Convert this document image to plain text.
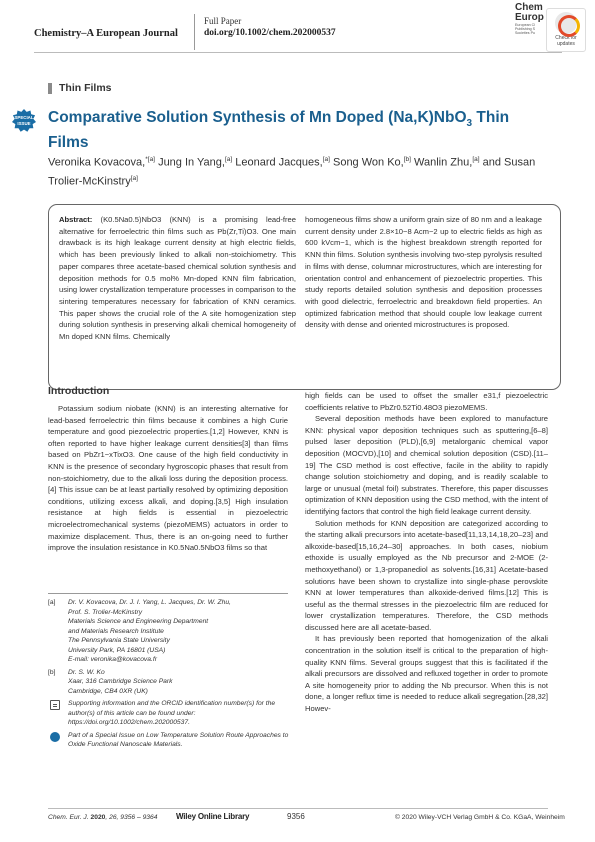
Chemistry–A European Journal
Full Paper
doi.org/10.1002/chem.202000537
Chem
Europ
European Cl
Publishing S
Societies Pu
Check for updates
Thin Films
SPECIAL ISSUE	Comparative Solution Synthesis of Mn Doped (Na,K)NbO$_3$ Thin Films
Veronika Kovacova,$^{*[a]}$ Jung In Yang,[a] Leonard Jacques,[a] Song Won Ko,[b] Wanlin Zhu,[a] and Susan Trolier-McKinstry[a]
Abstract: (K0.5Na0.5)NbO3 (KNN) is a promising lead-free alternative for ferroelectric thin films such as Pb(Zr,Ti)O3. One main drawback is its high leakage current density at high electric fields, which has been previously linked to alkali non-stoichiometry. This paper compares three acetate-based chemical solution synthesis and deposition methods for 0.5 mol% Mn-doped KNN film fabrication, using lower crystallization temperature processes in comparison to the sintering temperatures necessary for fabrication of KNN ceramics. This paper shows the crucial role of the A site homogenization step during solution synthesis in preserving alkali chemical homogeneity of Mn doped KNN films. Chemically
homogeneous films show a uniform grain size of 80 nm and a leakage current density under 2.8×10−8 Acm−2 up to electric fields as high as 600 kVcm−1, which is the highest breakdown strength reported for KNN thin films. Solution synthesis involving two-step pyrolysis resulted in films with dense, columnar microstructures, which are interesting for orientation control and enhancement of piezoelectric properties. This study reports detailed solution synthesis and deposition processes with good dielectric, ferroelectric and breakdown field properties. An optimized fabrication method that should couple low leakage current density with dense and oriented microstructures is proposed.
Introduction

Potassium sodium niobate (KNN) is an interesting alternative for lead-based ferroelectric thin films because it combines a high Curie temperature and good piezoelectric properties.[1,2] However, KNN is often reported to have higher leakage current densities[3] than films based on PbZr1−xTixO3. One cause of the high field conductivity in KNN is the presence of secondary hygroscopic phases that result from non-stoichiometry, due to the alkali loss during the deposition process.[4] This issue can be at least partially resolved by optimizing deposition conditions, utilizing excess alkali, and doping.[3,5] High insulation resistance at high fields is essential in piezoelectric microelectromechanical systems (piezoMEMS) actuators in order to maximize displacement. Thus, there is an on-going need to further improve the insulation resistance in K0.5Na0.5NbO3 films so that

high fields can be used to offset the smaller e31,f piezoelectric coefficients relative to PbZr0.52Ti0.48O3 piezoMEMS.

Several deposition methods have been explored to manufacture KNN: physical vapor deposition techniques such as sputtering,[6–8] pulsed laser deposition (PLD),[6,9] metalorganic chemical vapor deposition (MOCVD),[10] and chemical solution deposition (CSD).[11–19] The CSD method is cost effective, facile in the ability to rapidly change solution stoichiometry and doping, and is readily scalable to large or unusual (metal foil) substrates. Therefore, this paper discusses optimization of KNN deposition using the CSD method, with the intent of identifying factors that control the high field leakage current density.

Solution methods for KNN deposition are categorized according to the starting alkali precursors into acetate-based[11,13,14,18,20–23] and alkoxide-based[15,16,24–30] approaches. In both cases, niobium ethoxide is usually employed as the Nb precursor and 2-MOE (2-methoxyethanol) or 1,3-propanediol as solvents.[16,31] Acetate-based solutions have been shown to crystallize into single-phase perovskite KNN at lower temperatures than alkoxide-derived films.[12] This is useful as the thermal stresses in the piezoelectric film are reduced for lower crystallization temperatures. Therefore, the CSD methods discussed here are all acetate-based.

It has previously been reported that homogenization of the alkali concentration in the solution itself is critical to the preparation of high-quality KNN films. Several groups suggest that this is facilitated if the alkali precursors are dissolved and refluxed together in order to promote A site homogeneity prior to adding the Nb precursor. When this is not done, a longer reflux time is needed to reduce alkali segregation.[28,32] Howev-

[a] Dr. V. Kovacova, Dr. J. I. Yang, L. Jacques, Dr. W. Zhu,
Prof. S. Trolier-McKinstry
Materials Science and Engineering Department
and Materials Research Institute
The Pennsylvania State University
University Park, PA 16801 (USA)
E-mail: veronika@kovacova.fr
[b] Dr. S. W. Ko
Xaar, 316 Cambridge Science Park
Cambridge, CB4 0XR (UK)
Supporting information and the ORCID identification number(s) for the author(s) of this article can be found under: https://doi.org/10.1002/chem.202000537.
Part of a Special Issue on Low Temperature Solution Route Approaches to Oxide Functional Nanoscale Materials.
Chem. Eur. J. 2020, 26, 9356 – 9364 Wiley Online Library	9356	© 2020 Wiley-VCH Verlag GmbH & Co. KGaA, Weinheim
